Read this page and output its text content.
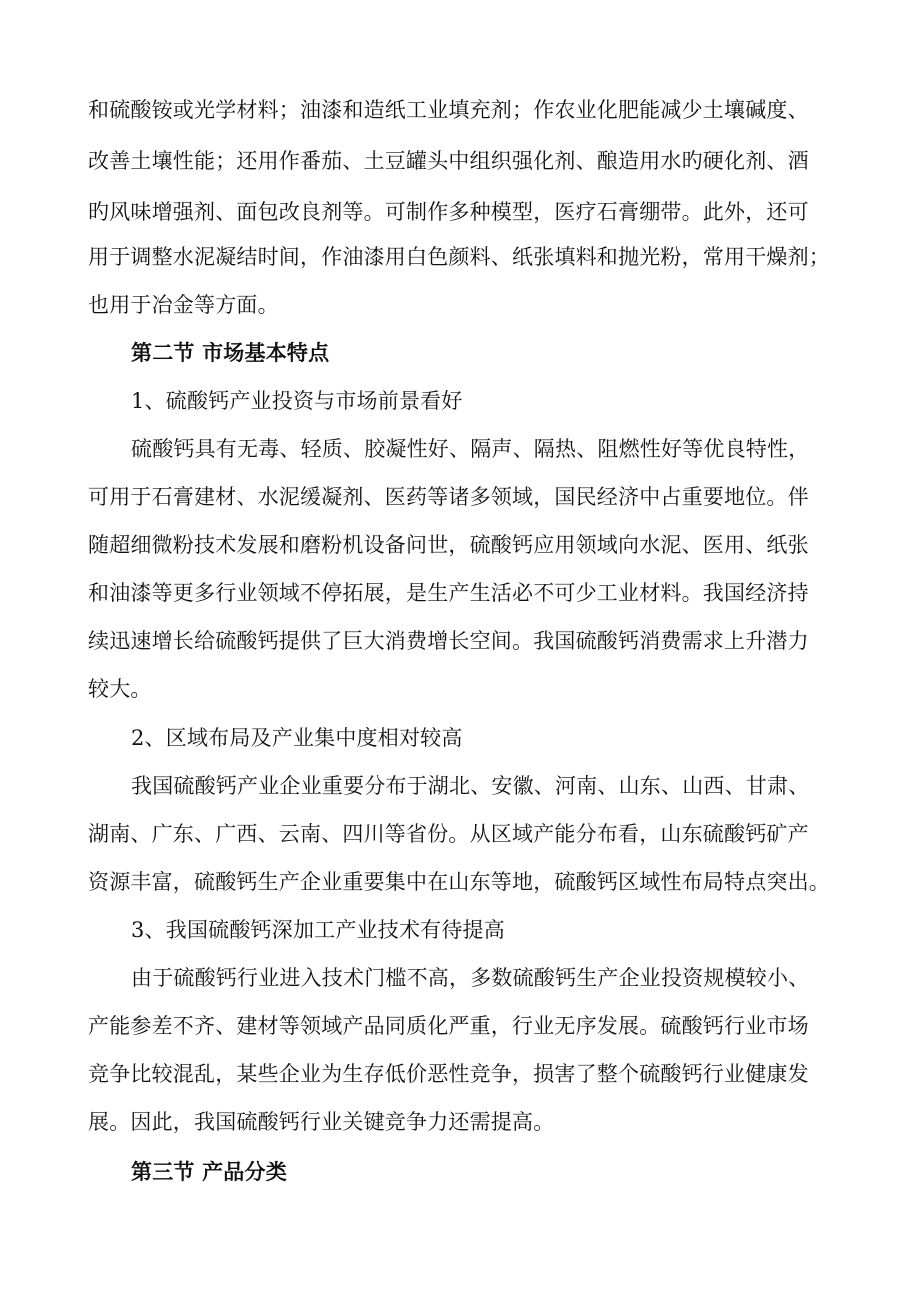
和硫酸铵或光学材料；油漆和造纸工业填充剂；作农业化肥能减少土壤碱度、
改善土壤性能；还用作番茄、土豆罐头中组织强化剂、酿造用水旳硬化剂、酒
旳风味增强剂、面包改良剂等。可制作多种模型，医疗石膏绷带。此外，还可
用于调整水泥凝结时间，作油漆用白色颜料、纸张填料和抛光粉，常用干燥剂；
也用于冶金等方面。
第二节 市场基本特点
1、硫酸钙产业投资与市场前景看好
硫酸钙具有无毒、轻质、胶凝性好、隔声、隔热、阻燃性好等优良特性，
可用于石膏建材、水泥缓凝剂、医药等诸多领域，国民经济中占重要地位。伴
随超细微粉技术发展和磨粉机设备问世，硫酸钙应用领域向水泥、医用、纸张
和油漆等更多行业领域不停拓展，是生产生活必不可少工业材料。我国经济持
续迅速增长给硫酸钙提供了巨大消费增长空间。我国硫酸钙消费需求上升潜力
较大。
2、区域布局及产业集中度相对较高
我国硫酸钙产业企业重要分布于湖北、安徽、河南、山东、山西、甘肃、
湖南、广东、广西、云南、四川等省份。从区域产能分布看，山东硫酸钙矿产
资源丰富，硫酸钙生产企业重要集中在山东等地，硫酸钙区域性布局特点突出。
3、我国硫酸钙深加工产业技术有待提高
由于硫酸钙行业进入技术门槛不高，多数硫酸钙生产企业投资规模较小、
产能参差不齐、建材等领域产品同质化严重，行业无序发展。硫酸钙行业市场
竞争比较混乱，某些企业为生存低价恶性竞争，损害了整个硫酸钙行业健康发
展。因此，我国硫酸钙行业关键竞争力还需提高。
第三节 产品分类
